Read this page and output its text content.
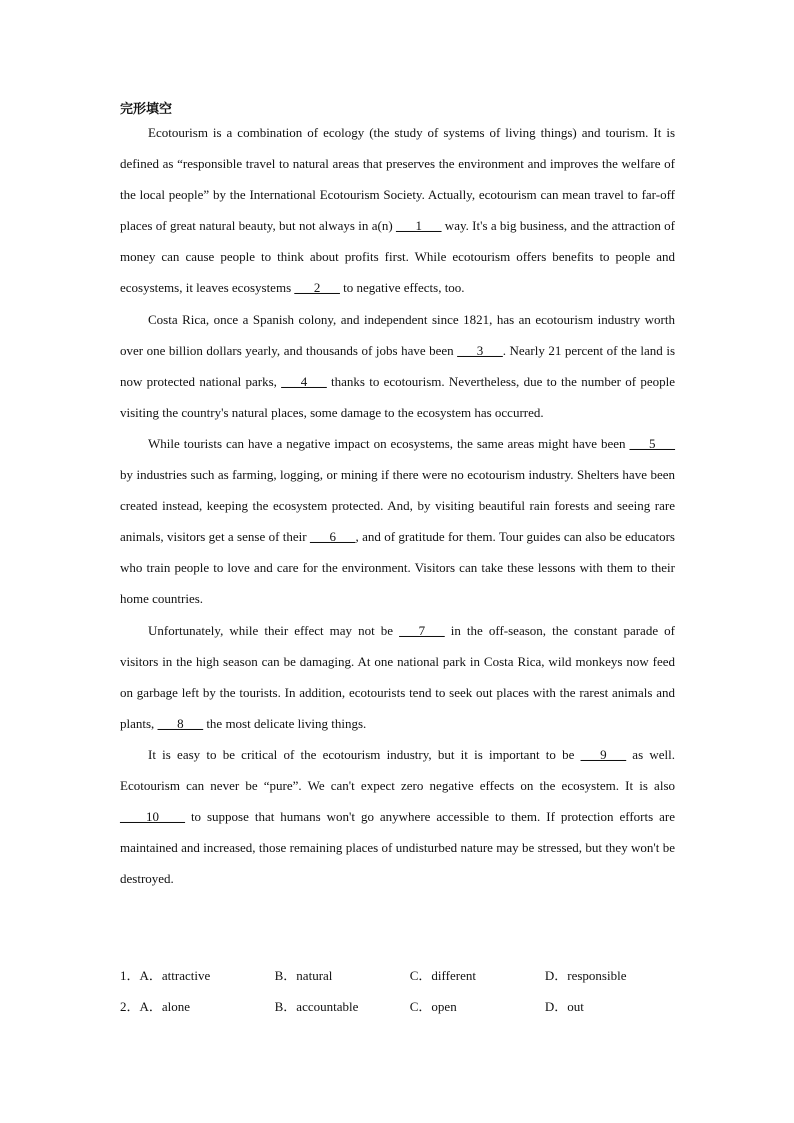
完形填空

Ecotourism is a combination of ecology (the study of systems of living things) and tourism. It is defined as “responsible travel to natural areas that preserves the environment and improves the welfare of the local people” by the International Ecotourism Society. Actually, ecotourism can mean travel to far-off places of great natural beauty, but not always in a(n) ___1___ way. It's a big business, and the attraction of money can cause people to think about profits first. While ecotourism offers benefits to people and ecosystems, it leaves ecosystems ___2___ to negative effects, too.

Costa Rica, once a Spanish colony, and independent since 1821, has an ecotourism industry worth over one billion dollars yearly, and thousands of jobs have been ___3___. Nearly 21 percent of the land is now protected national parks, ___4___ thanks to ecotourism. Nevertheless, due to the number of people visiting the country's natural places, some damage to the ecosystem has occurred.

While tourists can have a negative impact on ecosystems, the same areas might have been ___5___ by industries such as farming, logging, or mining if there were no ecotourism industry. Shelters have been created instead, keeping the ecosystem protected. And, by visiting beautiful rain forests and seeing rare animals, visitors get a sense of their ___6___, and of gratitude for them. Tour guides can also be educators who train people to love and care for the environment. Visitors can take these lessons with them to their home countries.

Unfortunately, while their effect may not be ___7___ in the off-season, the constant parade of visitors in the high season can be damaging. At one national park in Costa Rica, wild monkeys now feed on garbage left by the tourists. In addition, ecotourists tend to seek out places with the rarest animals and plants, ___8___ the most delicate living things.

It is easy to be critical of the ecotourism industry, but it is important to be ___9___ as well. Ecotourism can never be “pure”. We can't expect zero negative effects on the ecosystem. It is also ____10____ to suppose that humans won't go anywhere accessible to them. If protection efforts are maintained and increased, those remaining places of undisturbed nature may be stressed, but they won't be destroyed.

1． A．attractive	B．natural	C．different	D．responsible
2． A．alone	B．accountable	C．open	D．out
